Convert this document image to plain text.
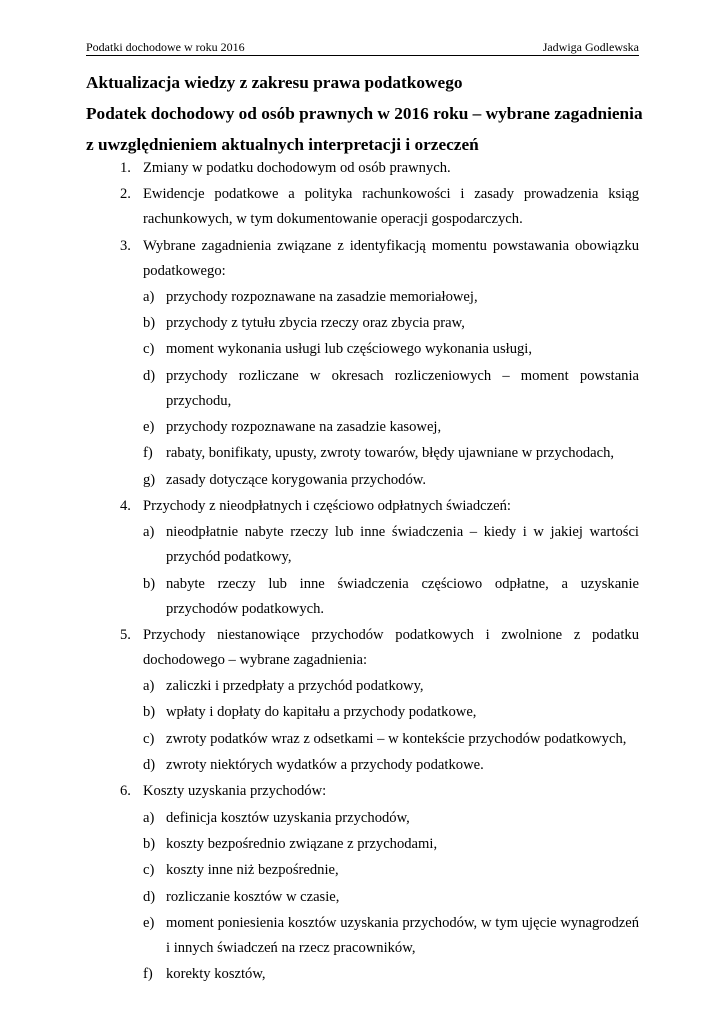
Podatki dochodowe w roku 2016	Jadwiga Godlewska
Aktualizacja wiedzy z zakresu prawa podatkowego
Podatek dochodowy od osób prawnych w 2016 roku – wybrane zagadnienia
z uwzględnieniem aktualnych interpretacji i orzeczeń
1. Zmiany w podatku dochodowym od osób prawnych.
2. Ewidencje podatkowe a polityka rachunkowości i zasady prowadzenia ksiąg rachunkowych, w tym dokumentowanie operacji gospodarczych.
3. Wybrane zagadnienia związane z identyfikacją momentu powstawania obowiązku podatkowego:
a) przychody rozpoznawane na zasadzie memoriałowej,
b) przychody z tytułu zbycia rzeczy oraz zbycia praw,
c) moment wykonania usługi lub częściowego wykonania usługi,
d) przychody rozliczane w okresach rozliczeniowych – moment powstania przychodu,
e) przychody rozpoznawane na zasadzie kasowej,
f) rabaty, bonifikaty, upusty, zwroty towarów, błędy ujawniane w przychodach,
g) zasady dotyczące korygowania przychodów.
4. Przychody z nieodpłatnych i częściowo odpłatnych świadczeń:
a) nieodpłatnie nabyte rzeczy lub inne świadczenia – kiedy i w jakiej wartości przychód podatkowy,
b) nabyte rzeczy lub inne świadczenia częściowo odpłatne, a uzyskanie przychodów podatkowych.
5. Przychody niestanowiące przychodów podatkowych i zwolnione z podatku dochodowego – wybrane zagadnienia:
a) zaliczki i przedpłaty a przychód podatkowy,
b) wpłaty i dopłaty do kapitału a przychody podatkowe,
c) zwroty podatków wraz z odsetkami – w kontekście przychodów podatkowych,
d) zwroty niektórych wydatków a przychody podatkowe.
6. Koszty uzyskania przychodów:
a) definicja kosztów uzyskania przychodów,
b) koszty bezpośrednio związane z przychodami,
c) koszty inne niż bezpośrednie,
d) rozliczanie kosztów w czasie,
e) moment poniesienia kosztów uzyskania przychodów, w tym ujęcie wynagrodzeń i innych świadczeń na rzecz pracowników,
f) korekty kosztów,
